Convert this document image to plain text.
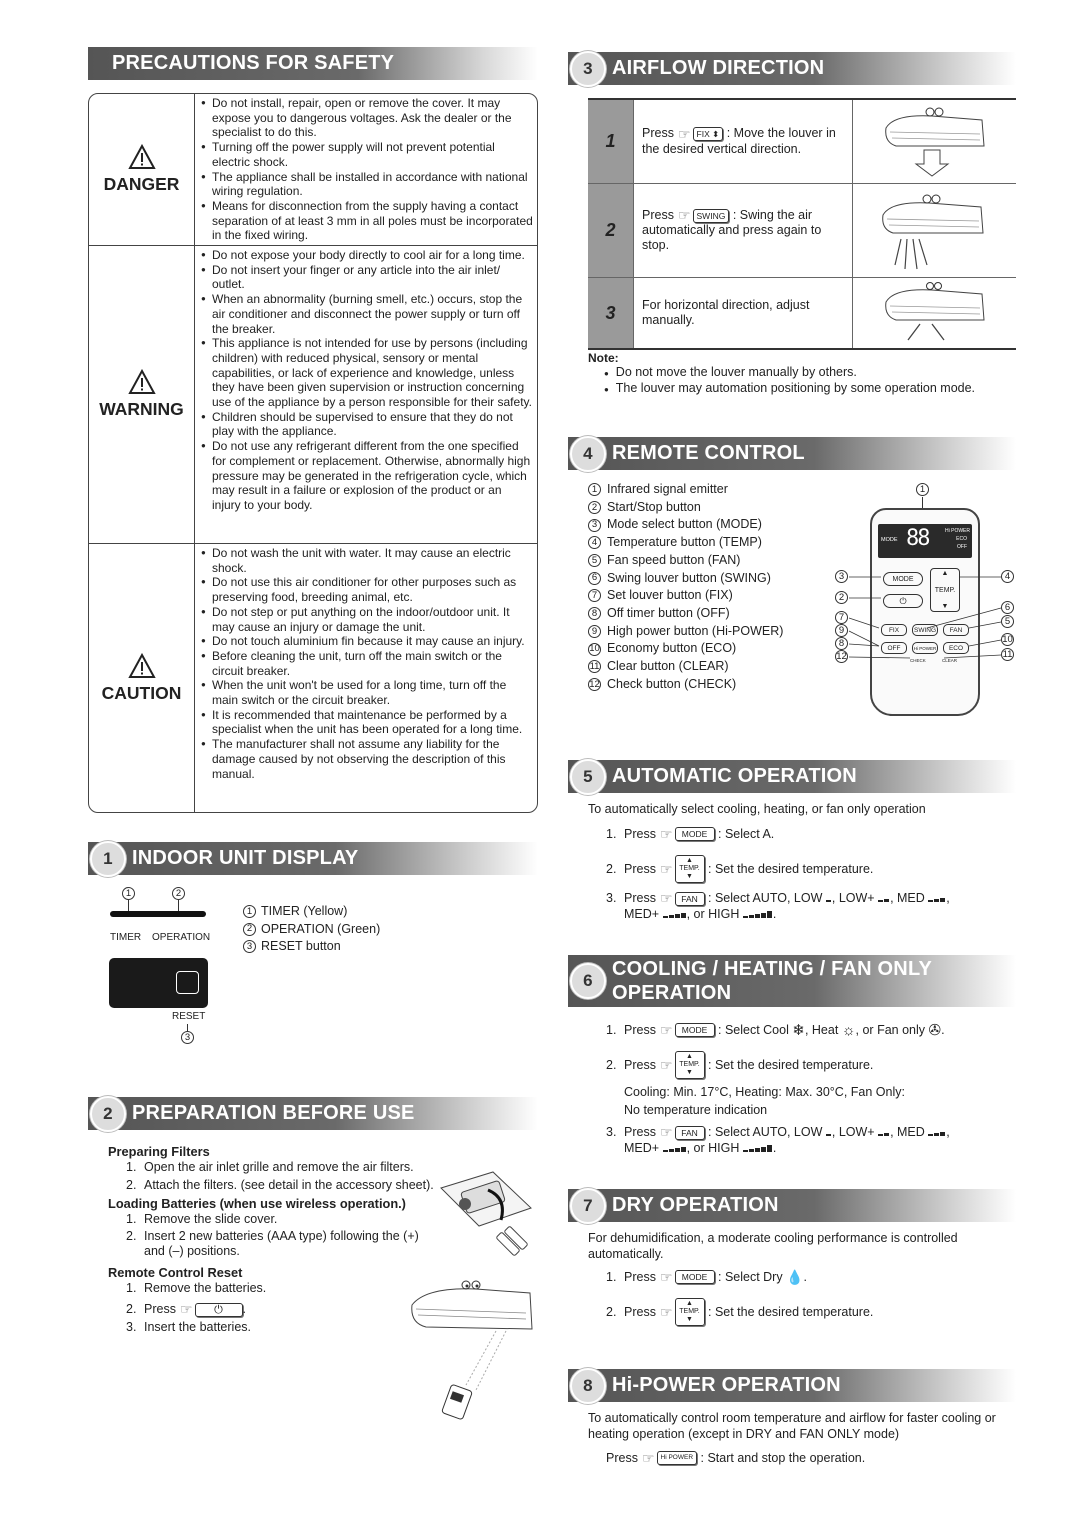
PRECAUTIONS FOR SAFETY
DANGER
● Do not install, repair, open or remove the cover. It may expose you to dangerous voltages. Ask the dealer or the specialist to do this.
● Turning off the power supply will not prevent potential electric shock.
● The appliance shall be installed in accordance with national wiring regulation.
● Means for disconnection from the supply having a contact separation of at least 3 mm in all poles must be incorporated in the fixed wiring.
WARNING
● Do not expose your body directly to cool air for a long time.
● Do not insert your finger or any article into the air inlet/ outlet.
● When an abnormality (burning smell, etc.) occurs, stop the air conditioner and disconnect the power supply or turn off the breaker.
● This appliance is not intended for use by persons (including children) with reduced physical, sensory or mental capabilities, or lack of experience and knowledge, unless they have been given supervision or instruction concerning use of the appliance by a person responsible for their safety.
● Children should be supervised to ensure that they do not play with the appliance.
● Do not use any refrigerant different from the one specified for complement or replacement. Otherwise, abnormally high pressure may be generated in the refrigeration cycle, which may result in a failure or explosion of the product or an injury to your body.
CAUTION
● Do not wash the unit with water. It may cause an electric shock.
● Do not use this air conditioner for other purposes such as preserving food, breeding animal, etc.
● Do not step or put anything on the indoor/outdoor unit. It may cause an injury or damage the unit.
● Do not touch aluminium fin because it may cause an injury.
● Before cleaning the unit, turn off the main switch or the circuit breaker.
● When the unit won't be used for a long time, turn off the main switch or the circuit breaker.
● It is recommended that maintenance be performed by a specialist when the unit has been operated for a long time.
● The manufacturer shall not assume any liability for the damage caused by not observing the description of this manual.
1 INDOOR UNIT DISPLAY
1	2
TIMER OPERATION
RESET
3
1 TIMER (Yellow)
2 OPERATION (Green)
3 RESET button
2 PREPARATION BEFORE USE
Preparing Filters
1. Open the air inlet grille and remove the air filters.
2. Attach the filters. (see detail in the accessory sheet).
Loading Batteries (when use wireless operation.)
1. Remove the slide cover.
2. Insert 2 new batteries (AAA type) following the (+) and (–) positions.
Remote Control Reset
1. Remove the batteries.
2. Press ☞ ⏻ .
3. Insert the batteries.
3 AIRFLOW DIRECTION
1	Press ☞ FIX ⬍ : Move the louver in the desired vertical direction.
2
Press ☞ SWING : Swing the air automatically and press again to stop.
3	For horizontal direction, adjust manually.
Note:
● Do not move the louver manually by others.
● The louver may automation positioning by some operation mode.
4 REMOTE CONTROL
1 Infrared signal emitter
2 Start/Stop button
3 Mode select button (MODE)
4 Temperature button (TEMP)
5 Fan speed button (FAN)
6 Swing louver button (SWING)
7 Set louver button (FIX)
8 Off timer button (OFF)
9 High power button (Hi-POWER)
10 Economy button (ECO)
11 Clear button (CLEAR)
12 Check button (CHECK)
1
MODE 88	Hi POWER
ECO
OFF
MODE
⏻
▲
TEMP.
▼
FIX	SWING	FAN
OFF	Hi POWER	ECO
CHECK	CLEAR
3
2
7
9
8
12
4
6
5
10
11
5 AUTOMATIC OPERATION
To automatically select cooling, heating, or fan only operation
1. Press ☞	MODE
: Select A.
2. Press ☞ ▲
TEMP.
▼

: Set the desired temperature.
3. Press ☞ FAN : Select AUTO, LOW , LOW+ , MED ,
MED+ , or HIGH	.
6
COOLING / HEATING / FAN ONLY
OPERATION
1. Press ☞	MODE
: Select Cool
❄ , Heat
☼ , or Fan only
✇ .
2. Press ☞ ▲
TEMP.
▼

: Set the desired temperature.
Cooling: Min. 17°C, Heating: Max. 30°C, Fan Only:
No temperature indication
3. Press ☞ FAN : Select AUTO, LOW , LOW+ , MED ,
MED+ , or HIGH	.
7 DRY OPERATION
For dehumidification, a moderate cooling performance is controlled automatically.
1. Press ☞	MODE
: Select Dry
💧 .
2. Press ☞ ▲
TEMP.
▼

: Set the desired temperature.
8 Hi-POWER OPERATION
To automatically control room temperature and airflow for faster cooling or heating operation (except in DRY and FAN ONLY mode)
Press ☞ Hi POWER
: Start and stop the operation.
